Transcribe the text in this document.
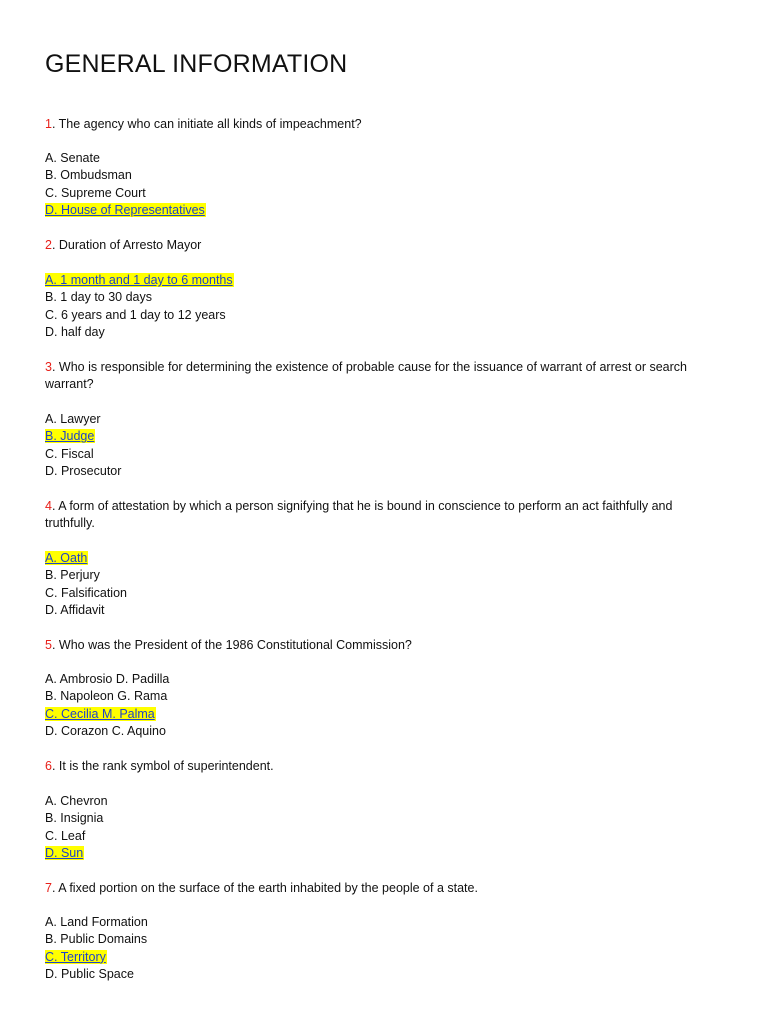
GENERAL INFORMATION
1. The agency who can initiate all kinds of impeachment?
A. Senate
B. Ombudsman
C. Supreme Court
D. House of Representatives
2. Duration of Arresto Mayor
A. 1 month and 1 day to 6 months
B. 1 day to 30 days
C. 6 years and 1 day to 12 years
D. half day
3. Who is responsible for determining the existence of probable cause for the issuance of warrant of arrest or search warrant?
A. Lawyer
B. Judge
C. Fiscal
D. Prosecutor
4. A form of attestation by which a person signifying that he is bound in conscience to perform an act faithfully and truthfully.
A. Oath
B. Perjury
C. Falsification
D. Affidavit
5. Who was the President of the 1986 Constitutional Commission?
A. Ambrosio D. Padilla
B. Napoleon G. Rama
C. Cecilia M. Palma
D. Corazon C. Aquino
6. It is the rank symbol of superintendent.
A. Chevron
B. Insignia
C. Leaf
D. Sun
7. A fixed portion on the surface of the earth inhabited by the people of a state.
A. Land Formation
B. Public Domains
C. Territory
D. Public Space
